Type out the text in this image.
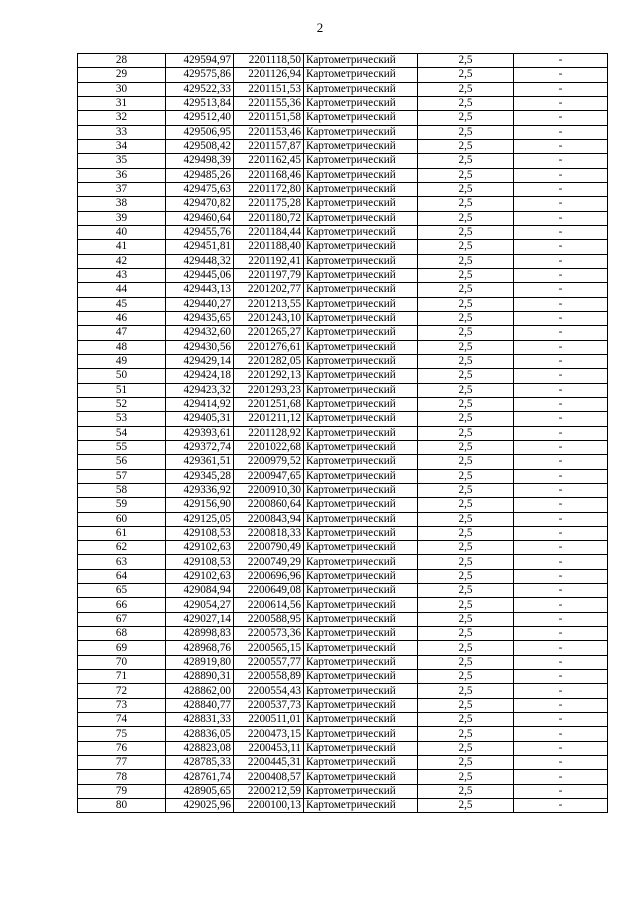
2
28	429594,97	2201118,50	Картометрический	2,5	-
29	429575,86	2201126,94	Картометрический	2,5	-
30	429522,33	2201151,53	Картометрический	2,5	-
31	429513,84	2201155,36	Картометрический	2,5	-
32	429512,40	2201151,58	Картометрический	2,5	-
33	429506,95	2201153,46	Картометрический	2,5	-
34	429508,42	2201157,87	Картометрический	2,5	-
35	429498,39	2201162,45	Картометрический	2,5	-
36	429485,26	2201168,46	Картометрический	2,5	-
37	429475,63	2201172,80	Картометрический	2,5	-
38	429470,82	2201175,28	Картометрический	2,5	-
39	429460,64	2201180,72	Картометрический	2,5	-
40	429455,76	2201184,44	Картометрический	2,5	-
41	429451,81	2201188,40	Картометрический	2,5	-
42	429448,32	2201192,41	Картометрический	2,5	-
43	429445,06	2201197,79	Картометрический	2,5	-
44	429443,13	2201202,77	Картометрический	2,5	-
45	429440,27	2201213,55	Картометрический	2,5	-
46	429435,65	2201243,10	Картометрический	2,5	-
47	429432,60	2201265,27	Картометрический	2,5	-
48	429430,56	2201276,61	Картометрический	2,5	-
49	429429,14	2201282,05	Картометрический	2,5	-
50	429424,18	2201292,13	Картометрический	2,5	-
51	429423,32	2201293,23	Картометрический	2,5	-
52	429414,92	2201251,68	Картометрический	2,5	-
53	429405,31	2201211,12	Картометрический	2,5	-
54	429393,61	2201128,92	Картометрический	2,5	-
55	429372,74	2201022,68	Картометрический	2,5	-
56	429361,51	2200979,52	Картометрический	2,5	-
57	429345,28	2200947,65	Картометрический	2,5	-
58	429336,92	2200910,30	Картометрический	2,5	-
59	429156,90	2200860,64	Картометрический	2,5	-
60	429125,05	2200843,94	Картометрический	2,5	-
61	429108,53	2200818,33	Картометрический	2,5	-
62	429102,63	2200790,49	Картометрический	2,5	-
63	429108,53	2200749,29	Картометрический	2,5	-
64	429102,63	2200696,96	Картометрический	2,5	-
65	429084,94	2200649,08	Картометрический	2,5	-
66	429054,27	2200614,56	Картометрический	2,5	-
67	429027,14	2200588,95	Картометрический	2,5	-
68	428998,83	2200573,36	Картометрический	2,5	-
69	428968,76	2200565,15	Картометрический	2,5	-
70	428919,80	2200557,77	Картометрический	2,5	-
71	428890,31	2200558,89	Картометрический	2,5	-
72	428862,00	2200554,43	Картометрический	2,5	-
73	428840,77	2200537,73	Картометрический	2,5	-
74	428831,33	2200511,01	Картометрический	2,5	-
75	428836,05	2200473,15	Картометрический	2,5	-
76	428823,08	2200453,11	Картометрический	2,5	-
77	428785,33	2200445,31	Картометрический	2,5	-
78	428761,74	2200408,57	Картометрический	2,5	-
79	428905,65	2200212,59	Картометрический	2,5	-
80	429025,96	2200100,13	Картометрический	2,5	-
